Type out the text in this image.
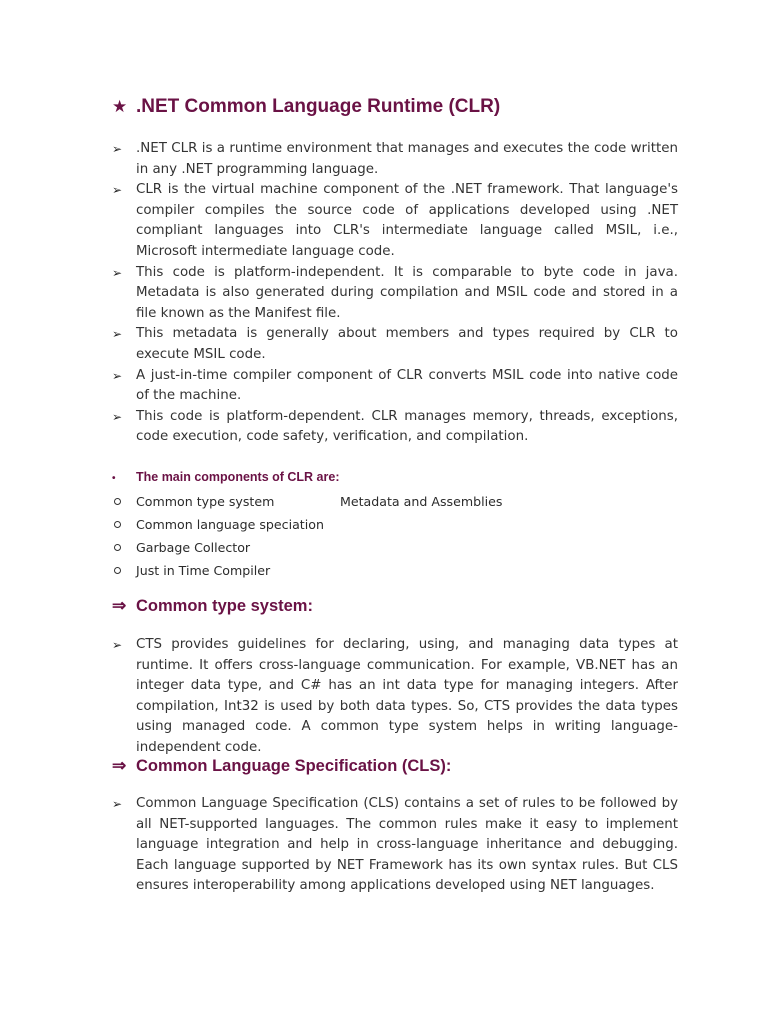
★ .NET Common Language Runtime (CLR)
➢ .NET CLR is a runtime environment that manages and executes the code written in any .NET programming language.
➢ CLR is the virtual machine component of the .NET framework. That language's compiler compiles the source code of applications developed using .NET compliant languages into CLR's intermediate language called MSIL, i.e., Microsoft intermediate language code.
➢ This code is platform-independent. It is comparable to byte code in java. Metadata is also generated during compilation and MSIL code and stored in a file known as the Manifest file.
➢ This metadata is generally about members and types required by CLR to execute MSIL code.
➢ A just-in-time compiler component of CLR converts MSIL code into native code of the machine.
➢ This code is platform-dependent. CLR manages memory, threads, exceptions, code execution, code safety, verification, and compilation.
• The main components of CLR are:
Common type system	Metadata and Assemblies
Common language speciation
Garbage Collector
Just in Time Compiler
⇒ Common type system:
➢ CTS provides guidelines for declaring, using, and managing data types at runtime. It offers cross-language communication. For example, VB.NET has an integer data type, and C# has an int data type for managing integers. After compilation, Int32 is used by both data types. So, CTS provides the data types using managed code. A common type system helps in writing language-independent code.
⇒ Common Language Specification (CLS):
➢ Common Language Specification (CLS) contains a set of rules to be followed by all NET-supported languages. The common rules make it easy to implement language integration and help in cross-language inheritance and debugging. Each language supported by NET Framework has its own syntax rules. But CLS ensures interoperability among applications developed using NET languages.
